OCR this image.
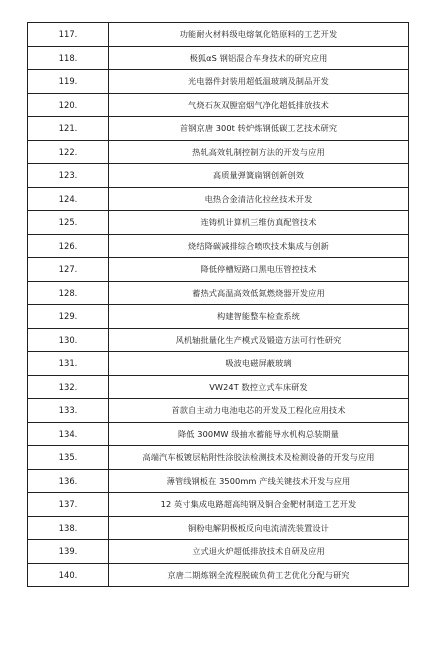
117.	功能耐火材料级电熔氧化锆原料的工艺开发
118.	极狐αS 钢铝混合车身技术的研究应用
119.	光电器件封装用超低温玻璃及制品开发
120.	气烧石灰双膛窑烟气净化超低排放技术
121.	首钢京唐 300t 转炉炼钢低碳工艺技术研究
122.	热轧高效轧制控制方法的开发与应用
123.	高质量弹簧扁钢创新创效
124.	电热合金清洁化拉丝技术开发
125.	连铸机计算机三维仿真配管技术
126.	烧结降碳减排综合喷吹技术集成与创新
127.	降低停槽短路口黑电压管控技术
128.	蓄热式高温高效低氮燃烧器开发应用
129.	构建智能整车检查系统
130.	风机轴批量化生产模式及锻造方法可行性研究
131.	吸波电磁屏蔽玻璃
132.	VW24T 数控立式车床研发
133.	首款自主动力电池电芯的开发及工程化应用技术
134.	降低 300MW 级抽水蓄能导水机构总装期量
135.	高端汽车板镀层粘附性涂胶法检测技术及检测设备的开发与应用
136.	薄管线钢板在 3500mm 产线关键技术开发与应用
137.	12 英寸集成电路超高纯钢及铜合金靶材制造工艺开发
138.	铜粉电解阴极板反向电流清洗装置设计
139.	立式退火炉超低排放技术自研及应用
140.	京唐二期炼钢全流程脱硫负荷工艺优化分配与研究
